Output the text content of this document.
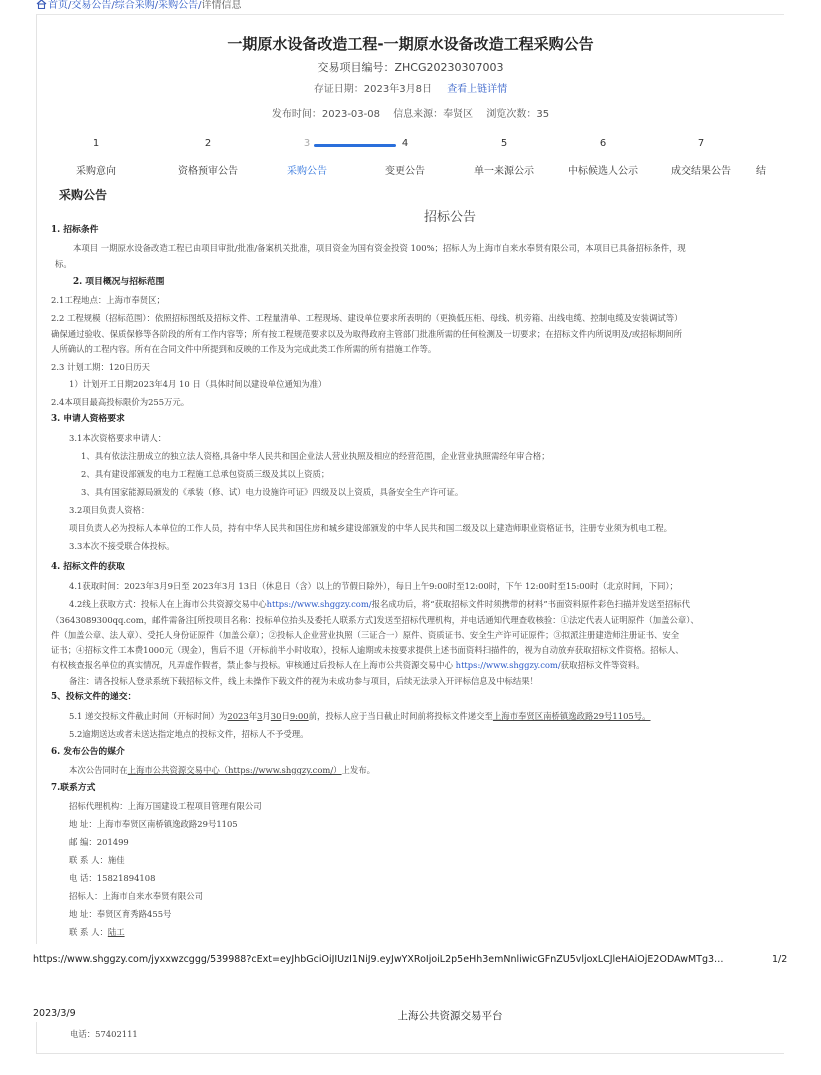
首页/交易公告/综合采购/采购公告/详情信息
一期原水设备改造工程-一期原水设备改造工程采购公告
交易项目编号：ZHCG20230307003
存证日期：2023年3月8日 查看上链详情
发布时间：2023-03-08 信息来源：奉贤区 浏览次数：35
1
采购意向
2
资格预审公告
3
采购公告
4
变更公告
5
单一来源公示
6
中标候选人公示
7
成交结果公告	结
采购公告
招标公告
1. 招标条件
本项目 一期原水设备改造工程已由项目审批/批准/备案机关批准，项目资金为国有资金投资 100%；招标人为上海市自来水奉贤有限公司，本项目已具备招标条件，现
标。
2. 项目概况与招标范围
2.1工程地点：上海市奉贤区；
2.2 工程规模（招标范围）：依照招标图纸及招标文件、工程量清单、工程现场、建设单位要求所表明的（更换低压柜、母线、机旁箱、出线电缆、控制电缆及安装调试等）
确保通过验收、保质保修等各阶段的所有工作内容等；所有按工程规范要求以及为取得政府主管部门批准所需的任何检测及一切要求；在招标文件内所说明及/或招标期间所
人所确认的工程内容。所有在合同文件中所提到和反映的工作及为完成此类工作所需的所有措施工作等。
2.3 计划工期：120日历天
1）计划开工日期2023年4月 10 日（具体时间以建设单位通知为准）
2.4本项目最高投标限价为255万元。
3. 申请人资格要求
3.1本次资格要求申请人：
1、具有依法注册成立的独立法人资格,具备中华人民共和国企业法人营业执照及相应的经营范围，企业营业执照需经年审合格；
2、具有建设部颁发的电力工程施工总承包资质三级及其以上资质；
3、具有国家能源局颁发的《承装（修、试）电力设施许可证》四级及以上资质，具备安全生产许可证。
3.2项目负责人资格：
项目负责人必为投标人本单位的工作人员，持有中华人民共和国住房和城乡建设部颁发的中华人民共和国二级及以上建造师职业资格证书，注册专业须为机电工程。
3.3本次不接受联合体投标。
4. 招标文件的获取
4.1获取时间：2023年3月9日至 2023年3月 13日（休息日（含）以上的节假日除外），每日上午9:00时至12:00时，下午 12:00时至15:00时（北京时间，下同）；
4.2线上获取方式：投标人在上海市公共资源交易中心https://www.shggzy.com/报名成功后，将“获取招标文件时须携带的材料”书面资料原件彩色扫描并发送至招标代
（3643089300qq.com，邮件需备注[所投项目名称：投标单位抬头及委托人联系方式]发送至招标代理机构，并电话通知代理查收核验：①法定代表人证明原件（加盖公章）、
件（加盖公章、法人章）、受托人身份证原件（加盖公章）；②投标人企业营业执照（三证合一）原件、资质证书、安全生产许可证原件；③拟派注册建造师注册证书、安全
证书；④招标文件工本费1000元（现金），售后不退（开标前半小时收取），投标人逾期或未按要求提供上述书面资料扫描件的，视为自动放弃获取招标文件资格。招标人、
有权核查报名单位的真实情况，凡弄虚作假者，禁止参与投标。审核通过后投标人在上海市公共资源交易中心 https://www.shggzy.com/获取招标文件等资料。
备注：请各投标人登录系统下载招标文件，线上未操作下载文件的视为未成功参与项目，后续无法录入开评标信息及中标结果！
5、投标文件的递交：
5.1 递交投标文件截止时间（开标时间）为2023年3月30日9:00前，投标人应于当日截止时间前将投标文件递交至上海市奉贤区南桥镇逸政路29号1105号。
5.2逾期送达或者未送达指定地点的投标文件，招标人不予受理。
6. 发布公告的媒介
本次公告同时在上海市公共资源交易中心（https://www.shggzy.com/）上发布。
7.联系方式
招标代理机构：上海万国建设工程项目管理有限公司
地 址：上海市奉贤区南桥镇逸政路29号1105
邮 编：201499
联 系 人：施佳
电 话：15821894108
招标人：上海市自来水奉贤有限公司
地 址：奉贤区育秀路455号
联 系 人：陆工
https://www.shggzy.com/jyxxwzcggg/539988?cExt=eyJhbGciOiJIUzI1NiJ9.eyJwYXRoIjoiL2p5eHh3emNnliwicGFnZU5vljoxLCJleHAiOjE2ODAwMTg3…	1/2
2023/3/9	上海公共资源交易平台
电话：57402111
